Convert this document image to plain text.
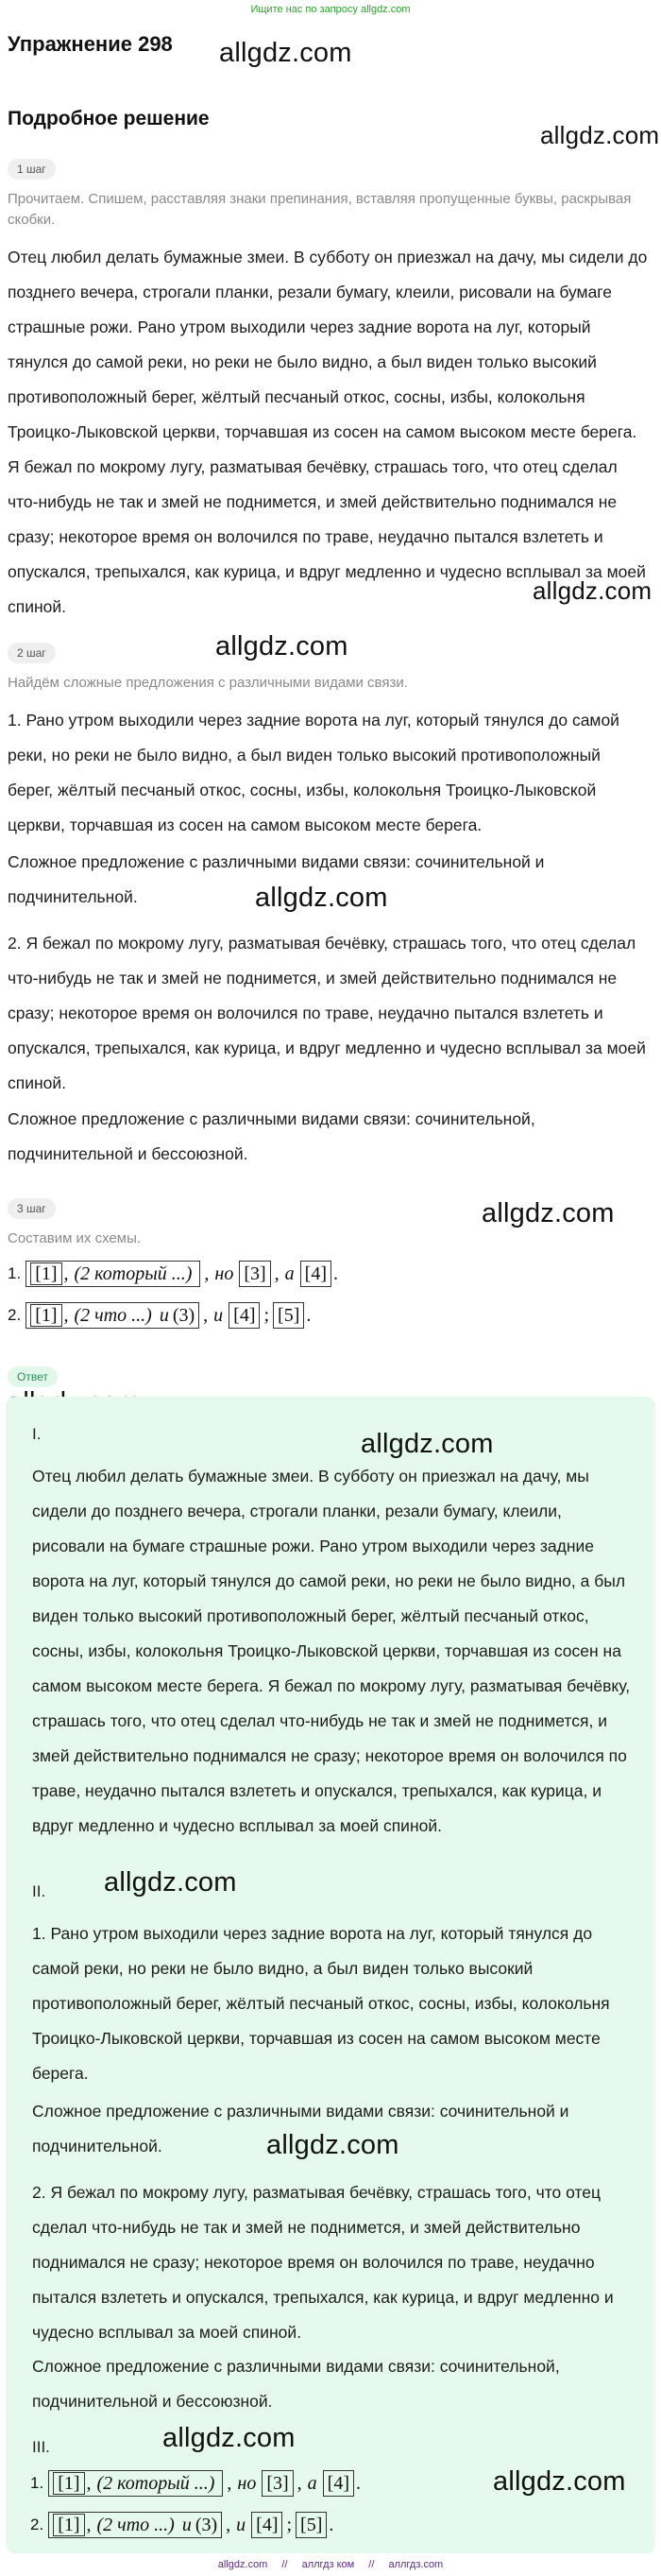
Ищите нас по запросу allgdz.com
allgdz.com
allgdz.com
allgdz.com
allgdz.com
allgdz.com
allgdz.com
Упражнение 298
Подробное решение
1 шаг
Прочитаем. Спишем, расставляя знаки препинания, вставляя пропущенные буквы, раскрывая скобки.
Отец любил делать бумажные змеи. В субботу он приезжал на дачу, мы сидели до позднего вечера, строгали планки, резали бумагу, клеили, рисовали на бумаге страшные рожи. Рано утром выходили через задние ворота на луг, который тянулся до самой реки, но реки не было видно, а был виден только высокий противоположный берег, жёлтый песчаный откос, сосны, избы, колокольня Троицко-Лыковской церкви, торчавшая из сосен на самом высоком месте берега. Я бежал по мокрому лугу, разматывая бечёвку, страшась того, что отец сделал что-нибудь не так и змей не поднимется, и змей действительно поднимался не сразу; некоторое время он волочился по траве, неудачно пытался взлететь и опускался, трепыхался, как курица, и вдруг медленно и чудесно всплывал за моей спиной.
2 шаг
Найдём сложные предложения с различными видами связи.
1. Рано утром выходили через задние ворота на луг, который тянулся до самой реки, но реки не было видно, а был виден только высокий противоположный берег, жёлтый песчаный откос, сосны, избы, колокольня Троицко-Лыковской церкви, торчавшая из сосен на самом высоком месте берега.
Сложное предложение с различными видами связи: сочинительной и подчинительной.
2. Я бежал по мокрому лугу, разматывая бечёвку, страшась того, что отец сделал что-нибудь не так и змей не поднимется, и змей действительно поднимался не сразу; некоторое время он волочился по траве, неудачно пытался взлететь и опускался, трепыхался, как курица, и вдруг медленно и чудесно всплывал за моей спиной.
Сложное предложение с различными видами связи: сочинительной, подчинительной и бессоюзной.
3 шаг
Составим их схемы.
1. [1] , (2 который ...) , но [3] , а [4] .
2. [1] , (2 что ...) и (3) , и [4] ; [5] .
Ответ
allgdz.com
allgdz.com
allgdz.com
allgdz.com
allgdz.com
I.
Отец любил делать бумажные змеи. В субботу он приезжал на дачу, мы сидели до позднего вечера, строгали планки, резали бумагу, клеили, рисовали на бумаге страшные рожи. Рано утром выходили через задние ворота на луг, который тянулся до самой реки, но реки не было видно, а был виден только высокий противоположный берег, жёлтый песчаный откос, сосны, избы, колокольня Троицко-Лыковской церкви, торчавшая из сосен на самом высоком месте берега. Я бежал по мокрому лугу, разматывая бечёвку, страшась того, что отец сделал что-нибудь не так и змей не поднимется, и змей действительно поднимался не сразу; некоторое время он волочился по траве, неудачно пытался взлететь и опускался, трепыхался, как курица, и вдруг медленно и чудесно всплывал за моей спиной.
II.
1. Рано утром выходили через задние ворота на луг, который тянулся до самой реки, но реки не было видно, а был виден только высокий противоположный берег, жёлтый песчаный откос, сосны, избы, колокольня Троицко-Лыковской церкви, торчавшая из сосен на самом высоком месте берега.
Сложное предложение с различными видами связи: сочинительной и подчинительной.
2. Я бежал по мокрому лугу, разматывая бечёвку, страшась того, что отец сделал что-нибудь не так и змей не поднимется, и змей действительно поднимался не сразу; некоторое время он волочился по траве, неудачно пытался взлететь и опускался, трепыхался, как курица, и вдруг медленно и чудесно всплывал за моей спиной.
Сложное предложение с различными видами связи: сочинительной, подчинительной и бессоюзной.
III.
1. [1] , (2 который ...) , но [3] , а [4] .
2. [1] , (2 что ...) и (3) , и [4] ; [5] .
allgdz.com // аллгдз ком // аллгдз.com
